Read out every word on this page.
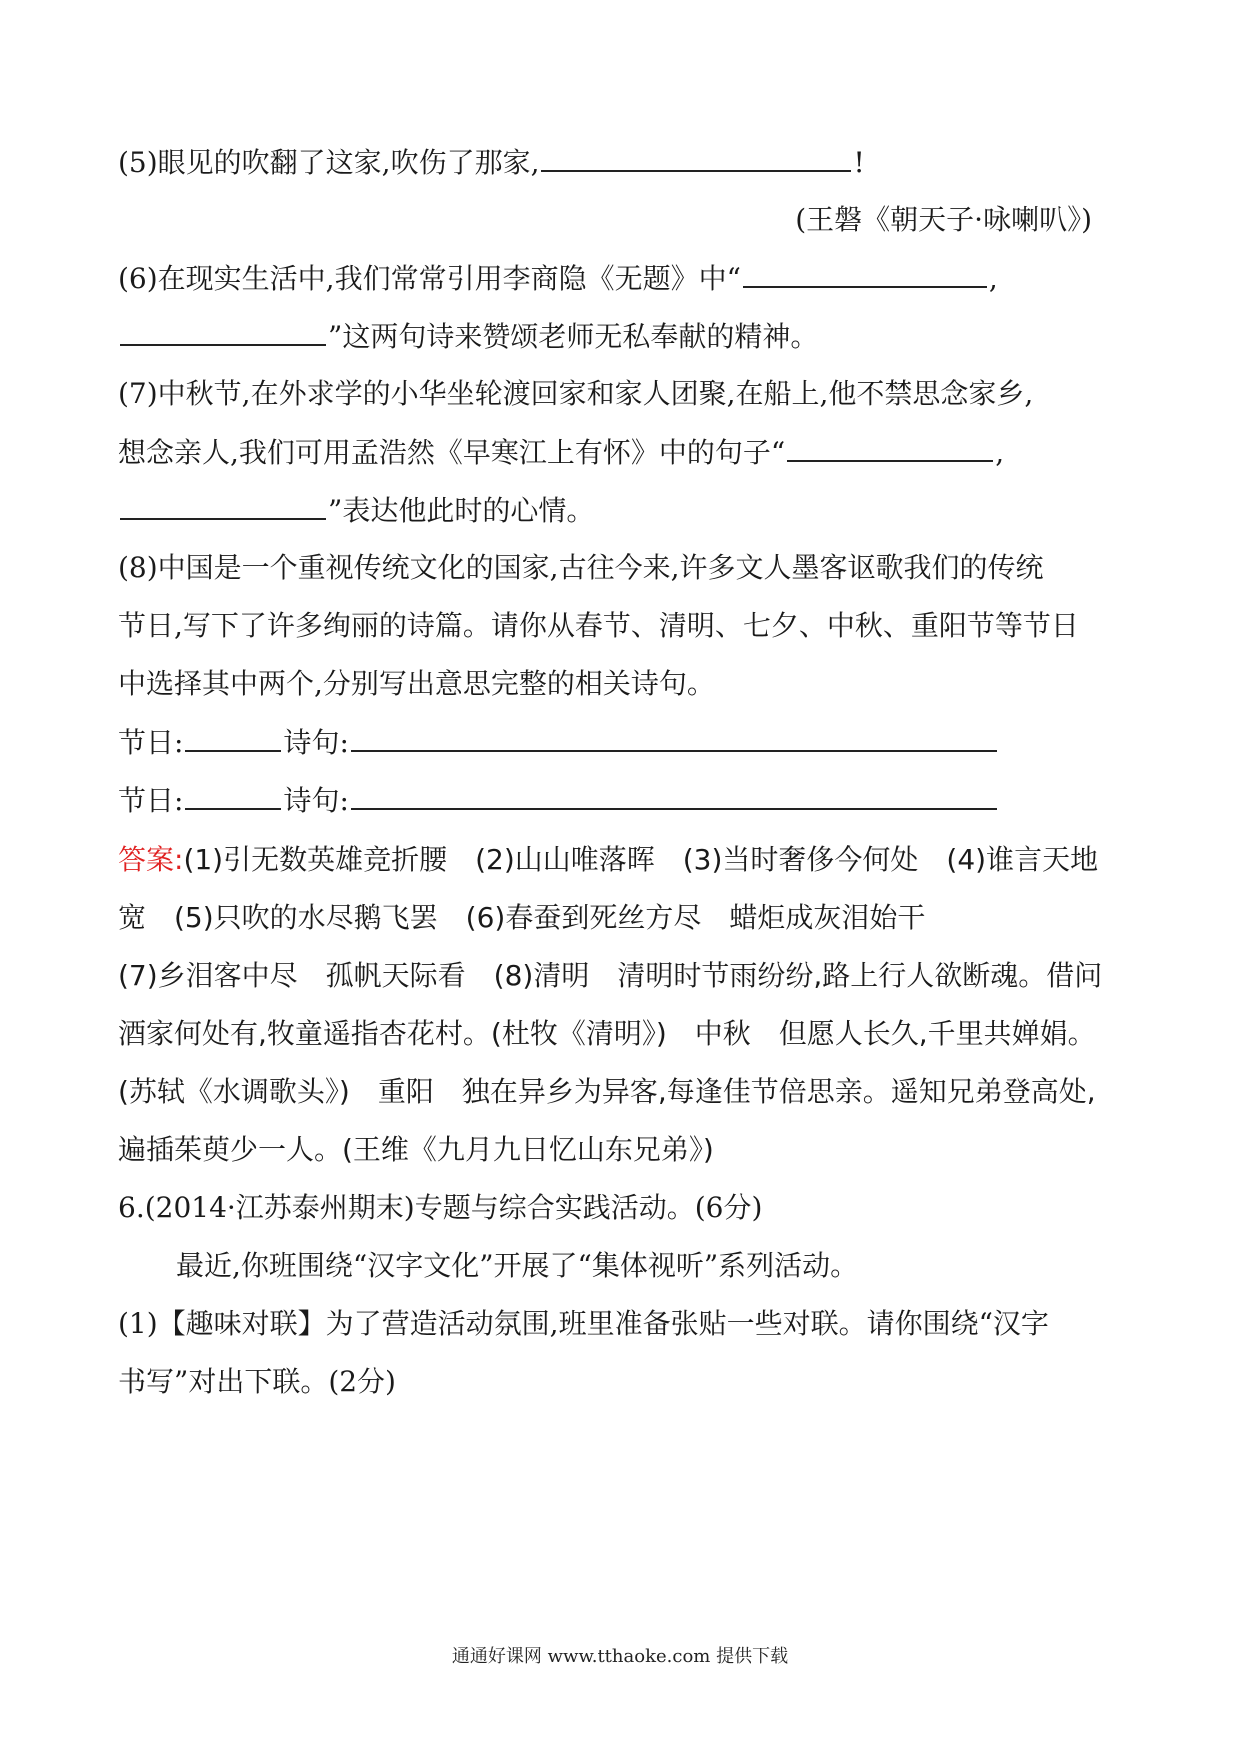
(5)眼见的吹翻了这家,吹伤了那家,	!
(王磐《朝天子·咏喇叭》)
(6)在现实生活中,我们常常引用李商隐《无题》中“	,
”这两句诗来赞颂老师无私奉献的精神。
(7)中秋节,在外求学的小华坐轮渡回家和家人团聚,在船上,他不禁思念家乡,
想念亲人,我们可用孟浩然《早寒江上有怀》中的句子“	,
”表达他此时的心情。
(8)中国是一个重视传统文化的国家,古往今来,许多文人墨客讴歌我们的传统
节日,写下了许多绚丽的诗篇。请你从春节、清明、七夕、中秋、重阳节等节日
中选择其中两个,分别写出意思完整的相关诗句。
节日:	诗句:
节日:	诗句:
答案:(1)引无数英雄竞折腰　(2)山山唯落晖　(3)当时奢侈今何处　(4)谁言天地
宽　(5)只吹的水尽鹅飞罢　(6)春蚕到死丝方尽　蜡炬成灰泪始干
(7)乡泪客中尽　孤帆天际看　(8)清明　清明时节雨纷纷,路上行人欲断魂。借问
酒家何处有,牧童遥指杏花村。(杜牧《清明》)　中秋　但愿人长久,千里共婵娟。
(苏轼《水调歌头》)　重阳　独在异乡为异客,每逢佳节倍思亲。遥知兄弟登高处,
遍插茱萸少一人。(王维《九月九日忆山东兄弟》)
6.(2014·江苏泰州期末)专题与综合实践活动。(6分)
最近,你班围绕“汉字文化”开展了“集体视听”系列活动。
(1)【趣味对联】为了营造活动氛围,班里准备张贴一些对联。请你围绕“汉字
书写”对出下联。(2分)
通通好课网 www.tthaoke.com 提供下载
